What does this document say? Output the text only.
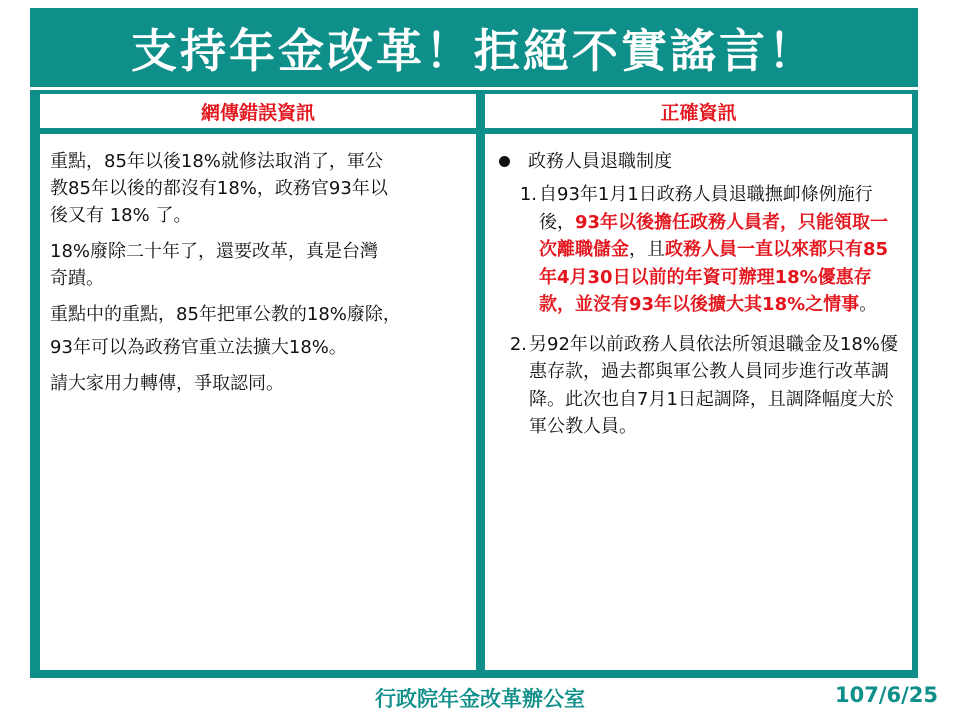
支持年金改革！拒絕不實謠言！
網傳錯誤資訊	正確資訊

重點，85年以後18%就修法取消了，軍公
教85年以後的都沒有18%，政務官93年以
後又有 18% 了。

18%廢除二十年了，還要改革，真是台灣
奇蹟。

重點中的重點，85年把軍公教的18%廢除，

93年可以為政務官重立法擴大18%。

請大家用力轉傳，爭取認同。

政務人員退職制度
1. 自93年1月1日政務人員退職撫卹條例施行後，93年以後擔任政務人員者，只能領取一次離職儲金，且政務人員一直以來都只有85年4月30日以前的年資可辦理18%優惠存款，並沒有93年以後擴大其18%之情事。
2. 另92年以前政務人員依法所領退職金及18%優惠存款，過去都與軍公教人員同步進行改革調降。此次也自7月1日起調降，且調降幅度大於軍公教人員。
行政院年金改革辦公室	107/6/25
